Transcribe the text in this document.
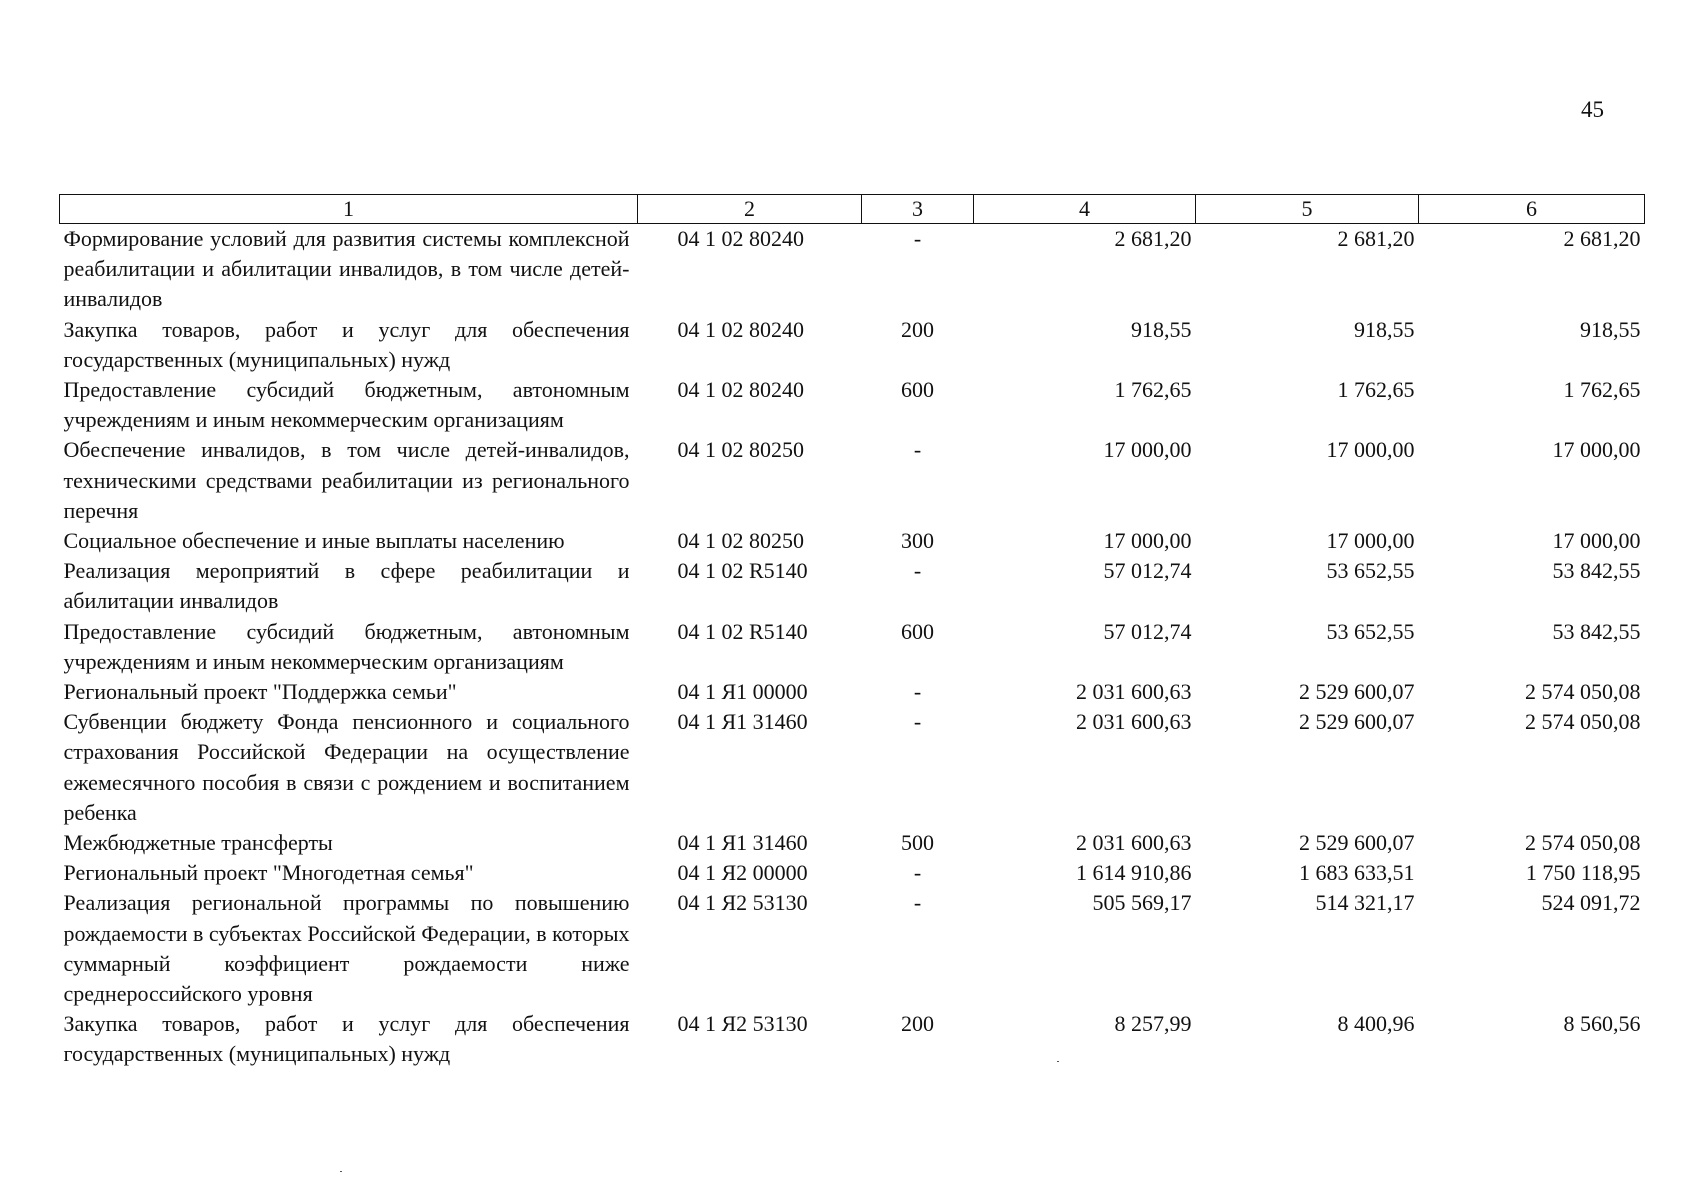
45
1	2	3	4	5	6
Формирование условий для развития системы комплексной реабилитации и абилитации инвалидов, в том числе детей-инвалидов	04 1 02 80240	-	2 681,20	2 681,20	2 681,20
Закупка товаров, работ и услуг для обеспечения государственных (муниципальных) нужд	04 1 02 80240	200	918,55	918,55	918,55
Предоставление субсидий бюджетным, автономным учреждениям и иным некоммерческим организациям	04 1 02 80240	600	1 762,65	1 762,65	1 762,65
Обеспечение инвалидов, в том числе детей-инвалидов, техническими средствами реабилитации из регионального перечня	04 1 02 80250	-	17 000,00	17 000,00	17 000,00
Социальное обеспечение и иные выплаты населению	04 1 02 80250	300	17 000,00	17 000,00	17 000,00
Реализация мероприятий в сфере реабилитации и абилитации инвалидов	04 1 02 R5140	-	57 012,74	53 652,55	53 842,55
Предоставление субсидий бюджетным, автономным учреждениям и иным некоммерческим организациям	04 1 02 R5140	600	57 012,74	53 652,55	53 842,55
Региональный проект "Поддержка семьи"	04 1 Я1 00000	-	2 031 600,63	2 529 600,07	2 574 050,08
Субвенции бюджету Фонда пенсионного и социального страхования Российской Федерации на осуществление ежемесячного пособия в связи с рождением и воспитанием ребенка	04 1 Я1 31460	-	2 031 600,63	2 529 600,07	2 574 050,08
Межбюджетные трансферты	04 1 Я1 31460	500	2 031 600,63	2 529 600,07	2 574 050,08
Региональный проект "Многодетная семья"	04 1 Я2 00000	-	1 614 910,86	1 683 633,51	1 750 118,95
Реализация региональной программы по повышению рождаемости в субъектах Российской Федерации, в которых суммарный коэффициент рождаемости ниже среднероссийского уровня	04 1 Я2 53130	-	505 569,17	514 321,17	524 091,72
Закупка товаров, работ и услуг для обеспечения государственных (муниципальных) нужд	04 1 Я2 53130	200	8 257,99	8 400,96	8 560,56
